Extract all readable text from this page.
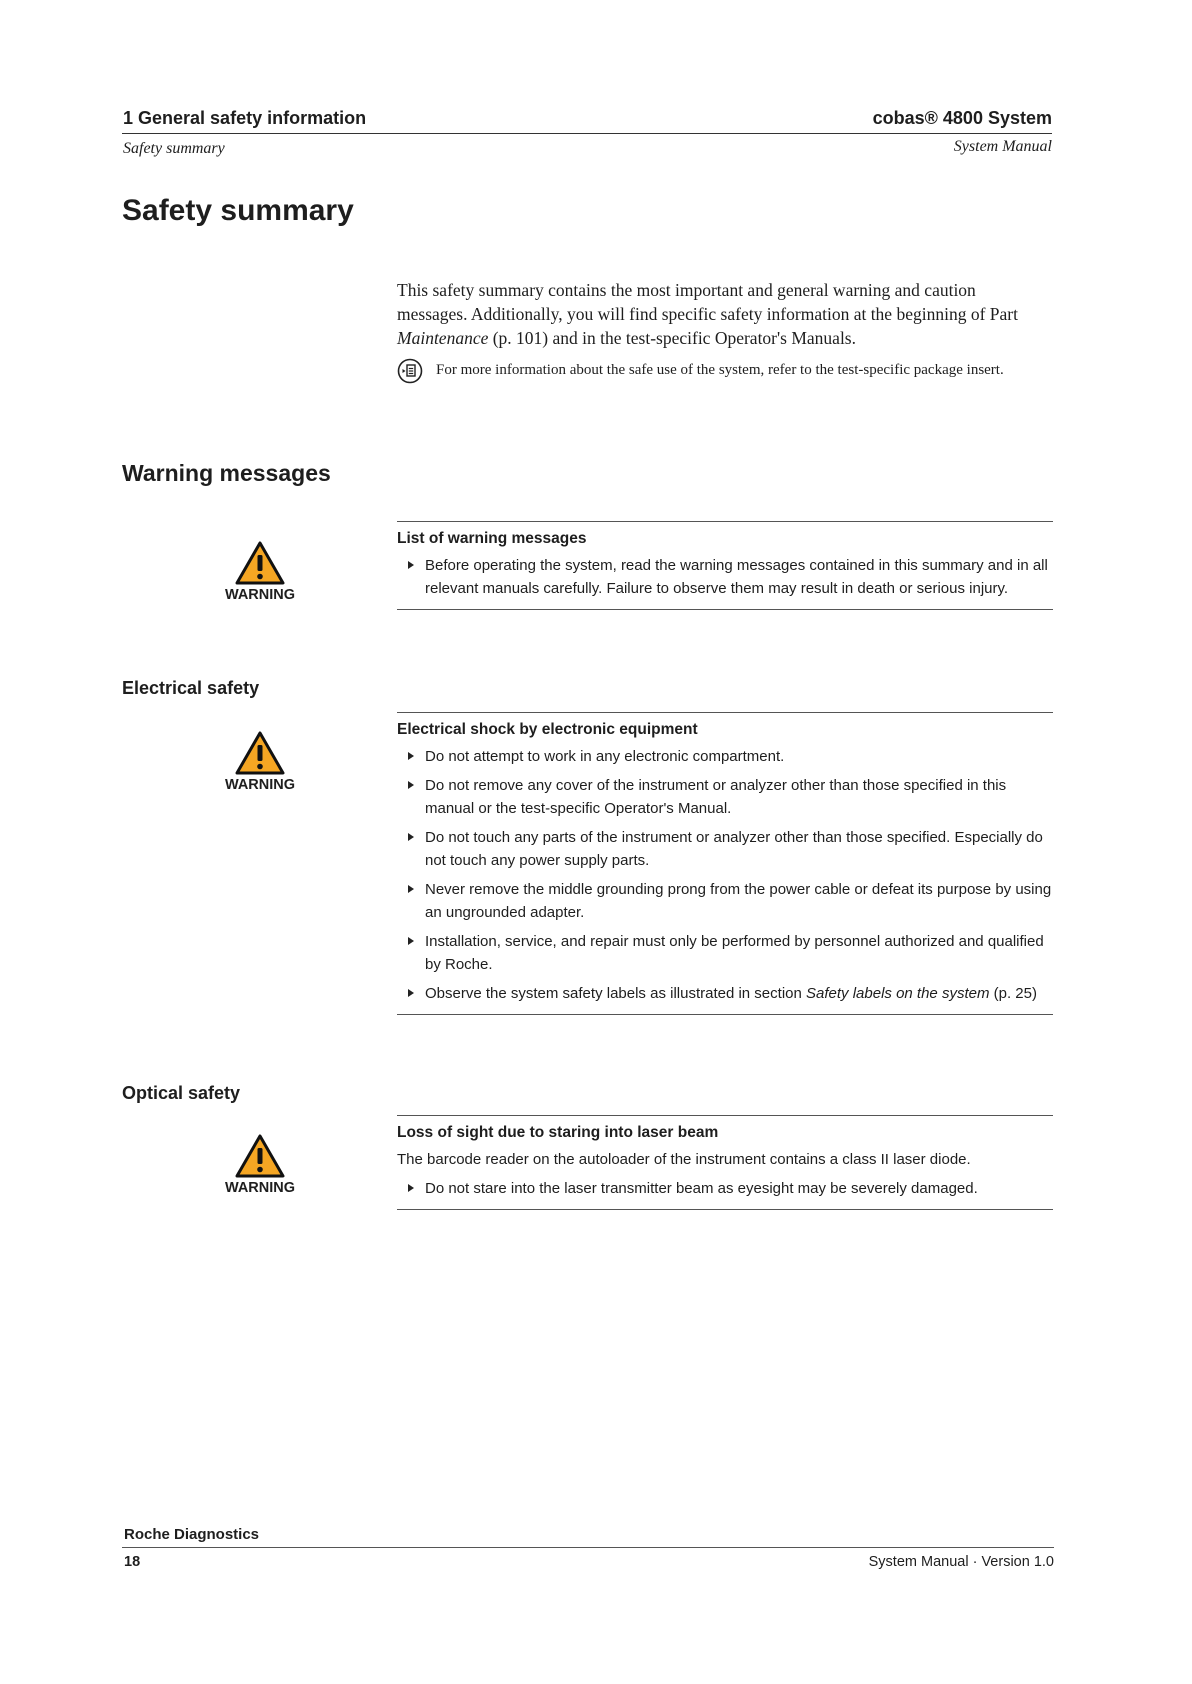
1 General safety information	cobas® 4800 System
Safety summary	System Manual
Safety summary

This safety summary contains the most important and general warning and caution messages. Additionally, you will find specific safety information at the beginning of Part Maintenance (p. 101) and in the test-specific Operator's Manuals.

For more information about the safe use of the system, refer to the test-specific package insert.
Warning messages
WARNING
List of warning messages
Before operating the system, read the warning messages contained in this summary and in all relevant manuals carefully. Failure to observe them may result in death or serious injury.
Electrical safety
WARNING
Electrical shock by electronic equipment
Do not attempt to work in any electronic compartment.
Do not remove any cover of the instrument or analyzer other than those specified in this manual or the test-specific Operator's Manual.
Do not touch any parts of the instrument or analyzer other than those specified. Especially do not touch any power supply parts.
Never remove the middle grounding prong from the power cable or defeat its purpose by using an ungrounded adapter.
Installation, service, and repair must only be performed by personnel authorized and qualified by Roche.
Observe the system safety labels as illustrated in section Safety labels on the system (p. 25)
Optical safety
WARNING
Loss of sight due to staring into laser beam

The barcode reader on the autoloader of the instrument contains a class II laser diode.

Do not stare into the laser transmitter beam as eyesight may be severely damaged.
Roche Diagnostics
18	System Manual · Version 1.0
